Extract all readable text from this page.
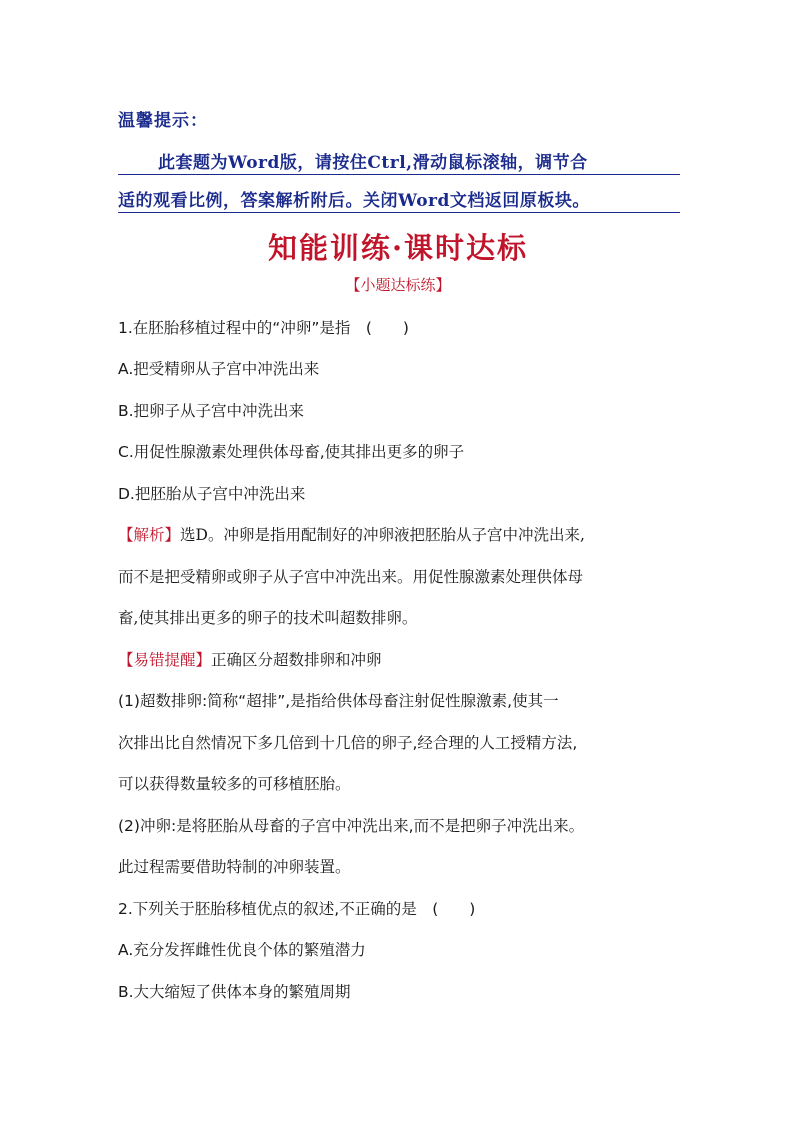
温馨提示：
此套题为Word版，请按住Ctrl,滑动鼠标滚轴，调节合
适的观看比例，答案解析附后。关闭Word文档返回原板块。
知能训练·课时达标
【小题达标练】
1.在胚胎移植过程中的“冲卵”是指　(　　)
A.把受精卵从子宫中冲洗出来
B.把卵子从子宫中冲洗出来
C.用促性腺激素处理供体母畜,使其排出更多的卵子
D.把胚胎从子宫中冲洗出来
【解析】选D。冲卵是指用配制好的冲卵液把胚胎从子宫中冲洗出来,
而不是把受精卵或卵子从子宫中冲洗出来。用促性腺激素处理供体母
畜,使其排出更多的卵子的技术叫超数排卵。
【易错提醒】正确区分超数排卵和冲卵
(1)超数排卵:简称“超排”,是指给供体母畜注射促性腺激素,使其一
次排出比自然情况下多几倍到十几倍的卵子,经合理的人工授精方法,
可以获得数量较多的可移植胚胎。
(2)冲卵:是将胚胎从母畜的子宫中冲洗出来,而不是把卵子冲洗出来。
此过程需要借助特制的冲卵装置。
2.下列关于胚胎移植优点的叙述,不正确的是　(　　)
A.充分发挥雌性优良个体的繁殖潜力
B.大大缩短了供体本身的繁殖周期
